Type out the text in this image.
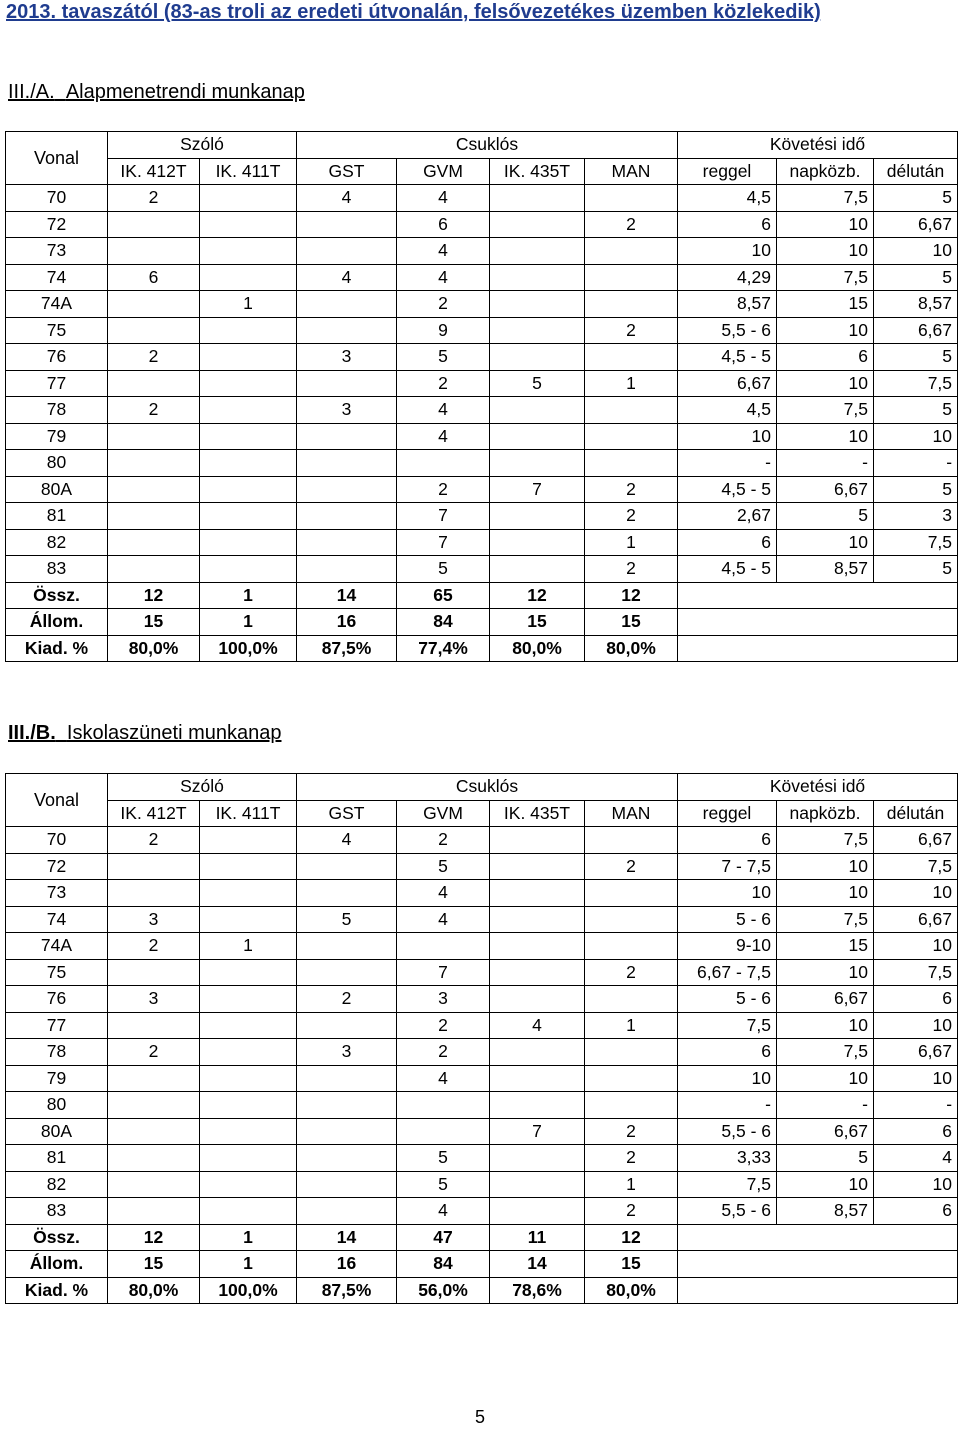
2013. tavaszától (83-as troli az eredeti útvonalán, felsővezetékes üzemben közlekedik)
III./A. Alapmenetrendi munkanap
Vonal	Szóló		Csuklós				Követési idő		
	IK. 412T	IK. 411T	GST	GVM	IK. 435T	MAN	reggel	napközb.	délután
70	2		4	4			4,5	7,5	5
72				6		2	6	10	6,67
73				4			10	10	10
74	6		4	4			4,29	7,5	5
74A		1		2			8,57	15	8,57
75				9		2	5,5 - 6	10	6,67
76	2		3	5			4,5 - 5	6	5
77				2	5	1	6,67	10	7,5
78	2		3	4			4,5	7,5	5
79				4			10	10	10
80							-	-	-
80A				2	7	2	4,5 - 5	6,67	5
81				7		2	2,67	5	3
82				7		1	6	10	7,5
83				5		2	4,5 - 5	8,57	5
Össz.	12	1	14	65	12	12			
Állom.	15	1	16	84	15	15			
Kiad. %	80,0%	100,0%	87,5%	77,4%	80,0%	80,0%			
III./B. Iskolaszüneti munkanap
Vonal	Szóló		Csuklós				Követési idő		
	IK. 412T	IK. 411T	GST	GVM	IK. 435T	MAN	reggel	napközb.	délután
70	2		4	2			6	7,5	6,67
72				5		2	7 - 7,5	10	7,5
73				4			10	10	10
74	3		5	4			5 - 6	7,5	6,67
74A	2	1					9-10	15	10
75				7		2	6,67 - 7,5	10	7,5
76	3		2	3			5 - 6	6,67	6
77				2	4	1	7,5	10	10
78	2		3	2			6	7,5	6,67
79				4			10	10	10
80							-	-	-
80A					7	2	5,5 - 6	6,67	6
81				5		2	3,33	5	4
82				5		1	7,5	10	10
83				4		2	5,5 - 6	8,57	6
Össz.	12	1	14	47	11	12			
Állom.	15	1	16	84	14	15			
Kiad. %	80,0%	100,0%	87,5%	56,0%	78,6%	80,0%			
5
